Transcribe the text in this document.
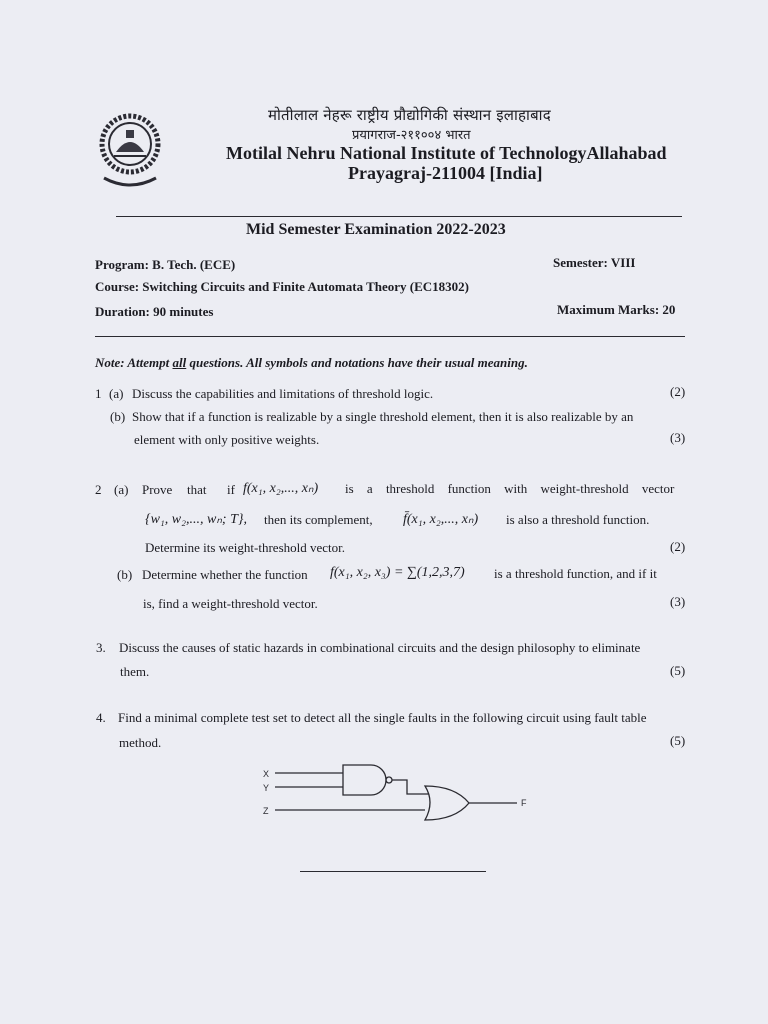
मोतीलाल नेहरू राष्ट्रीय प्रौद्योगिकी संस्थान इलाहाबाद
प्रयागराज-२११००४ भारत
Motilal Nehru National Institute of TechnologyAllahabad
Prayagraj-211004 [India]
Mid Semester Examination 2022-2023
Program: B. Tech. (ECE)	Semester: VIII
Course: Switching Circuits and Finite Automata Theory (EC18302)
Duration: 90 minutes	Maximum Marks: 20
Note: Attempt all questions. All symbols and notations have their usual meaning.
1 (a) Discuss the capabilities and limitations of threshold logic.	(2)
(b) Show that if a function is realizable by a single threshold element, then it is also realizable by an
element with only positive weights.	(3)
2 (a) Prove that if f(x₁, x₂,..., xₙ) is a threshold function with weight-threshold vector
{w₁, w₂,..., wₙ; T}, then its complement, f̄(x₁, x₂,..., xₙ) is also a threshold function.
Determine its weight-threshold vector.	(2)
(b) Determine whether the function f(x₁, x₂, x₃) = ∑(1,2,3,7) is a threshold function, and if it
is, find a weight-threshold vector.	(3)
3. Discuss the causes of static hazards in combinational circuits and the design philosophy to eliminate
them.	(5)
4. Find a minimal complete test set to detect all the single faults in the following circuit using fault table
method.	(5)
X
Y
Z
F
